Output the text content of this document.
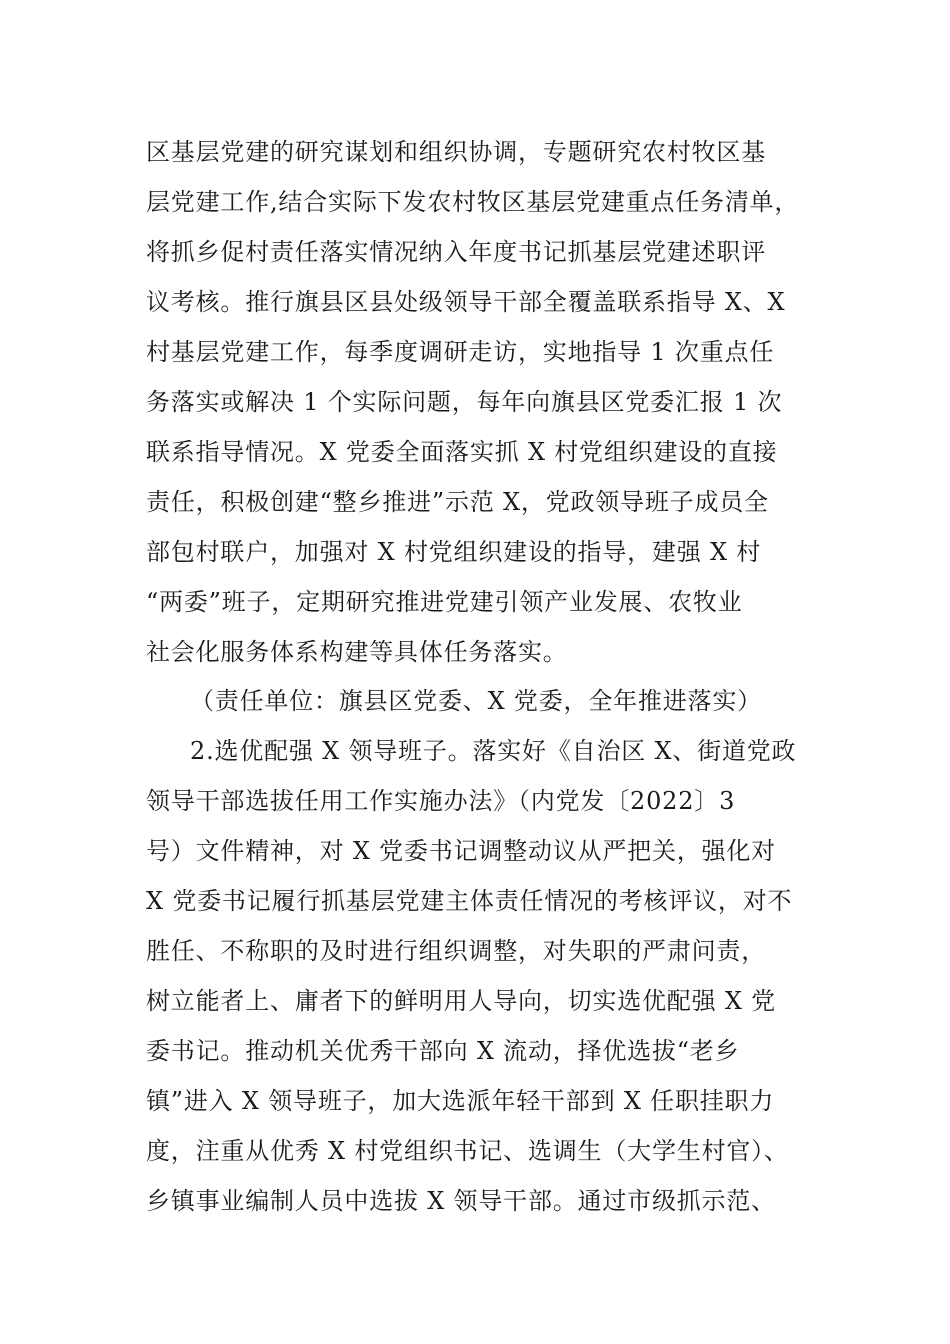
区基层党建的研究谋划和组织协调，专题研究农村牧区基
层党建工作,结合实际下发农村牧区基层党建重点任务清单，
将抓乡促村责任落实情况纳入年度书记抓基层党建述职评
议考核。推行旗县区县处级领导干部全覆盖联系指导 X、X
村基层党建工作，每季度调研走访，实地指导 1 次重点任
务落实或解决 1 个实际问题，每年向旗县区党委汇报 1 次
联系指导情况。X 党委全面落实抓 X 村党组织建设的直接
责任，积极创建“整乡推进”示范 X，党政领导班子成员全
部包村联户，加强对 X 村党组织建设的指导，建强 X 村
“两委”班子，定期研究推进党建引领产业发展、农牧业
社会化服务体系构建等具体任务落实。
（责任单位：旗县区党委、X 党委，全年推进落实）
2.选优配强 X 领导班子。落实好《自治区 X、街道党政
领导干部选拔任用工作实施办法》（内党发〔2022〕3
号）文件精神，对 X 党委书记调整动议从严把关，强化对
X 党委书记履行抓基层党建主体责任情况的考核评议，对不
胜任、不称职的及时进行组织调整，对失职的严肃问责，
树立能者上、庸者下的鲜明用人导向，切实选优配强 X 党
委书记。推动机关优秀干部向 X 流动，择优选拔“老乡
镇”进入 X 领导班子，加大选派年轻干部到 X 任职挂职力
度，注重从优秀 X 村党组织书记、选调生（大学生村官）、
乡镇事业编制人员中选拔 X 领导干部。通过市级抓示范、
